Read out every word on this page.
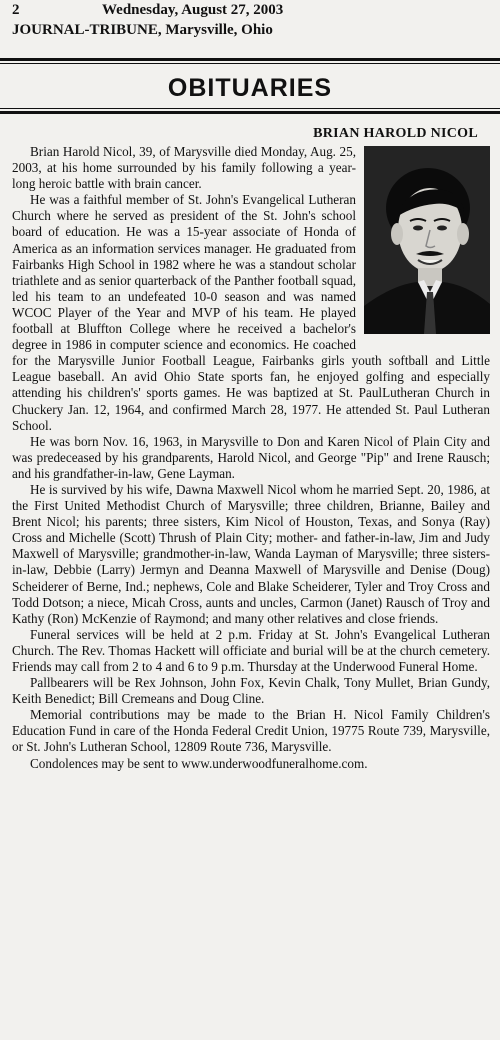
2	Wednesday, August 27, 2003
JOURNAL-TRIBUNE, Marysville, Ohio
OBITUARIES
BRIAN HAROLD NICOL

Brian Harold Nicol, 39, of Marysville died Monday, Aug. 25, 2003, at his home surrounded by his family following a year-long heroic battle with brain cancer.

He was a faithful member of St. John's Evangelical Lutheran Church where he served as president of the St. John's school board of education. He was a 15-year associate of Honda of America as an information services manager. He graduated from Fairbanks High School in 1982 where he was a standout scholar triathlete and as senior quarterback of the Panther football squad, led his team to an undefeated 10-0 season and was named WCOC Player of the Year and MVP of his team. He played football at Bluffton College where he received a bachelor's degree in 1986 in computer science and economics. He coached for the Marysville Junior Football League, Fairbanks girls youth softball and Little League baseball. An avid Ohio State sports fan, he enjoyed golfing and especially attending his children's' sports games. He was baptized at St. PaulLutheran Church in Chuckery Jan. 12, 1964, and confirmed March 28, 1977. He attended St. Paul Lutheran School.

He was born Nov. 16, 1963, in Marysville to Don and Karen Nicol of Plain City and was predeceased by his grandparents, Harold Nicol, and George "Pip" and Irene Rausch; and his grandfather-in-law, Gene Layman.

He is survived by his wife, Dawna Maxwell Nicol whom he married Sept. 20, 1986, at the First United Methodist Church of Marysville; three children, Brianne, Bailey and Brent Nicol; his parents; three sisters, Kim Nicol of Houston, Texas, and Sonya (Ray) Cross and Michelle (Scott) Thrush of Plain City; mother- and father-in-law, Jim and Judy Maxwell of Marysville; grandmother-in-law, Wanda Layman of Marysville; three sisters-in-law, Debbie (Larry) Jermyn and Deanna Maxwell of Marysville and Denise (Doug) Scheiderer of Berne, Ind.; nephews, Cole and Blake Scheiderer, Tyler and Troy Cross and Todd Dotson; a niece, Micah Cross, aunts and uncles, Carmon (Janet) Rausch of Troy and Kathy (Ron) McKenzie of Raymond; and many other relatives and close friends.

Funeral services will be held at 2 p.m. Friday at St. John's Evangelical Lutheran Church. The Rev. Thomas Hackett will officiate and burial will be at the church cemetery. Friends may call from 2 to 4 and 6 to 9 p.m. Thursday at the Underwood Funeral Home.

Pallbearers will be Rex Johnson, John Fox, Kevin Chalk, Tony Mullet, Brian Gundy, Keith Benedict; Bill Cremeans and Doug Cline.

Memorial contributions may be made to the Brian H. Nicol Family Children's Education Fund in care of the Honda Federal Credit Union, 19775 Route 739, Marysville, or St. John's Lutheran School, 12809 Route 736, Marysville.

Condolences may be sent to www.underwoodfuneralhome.com.
